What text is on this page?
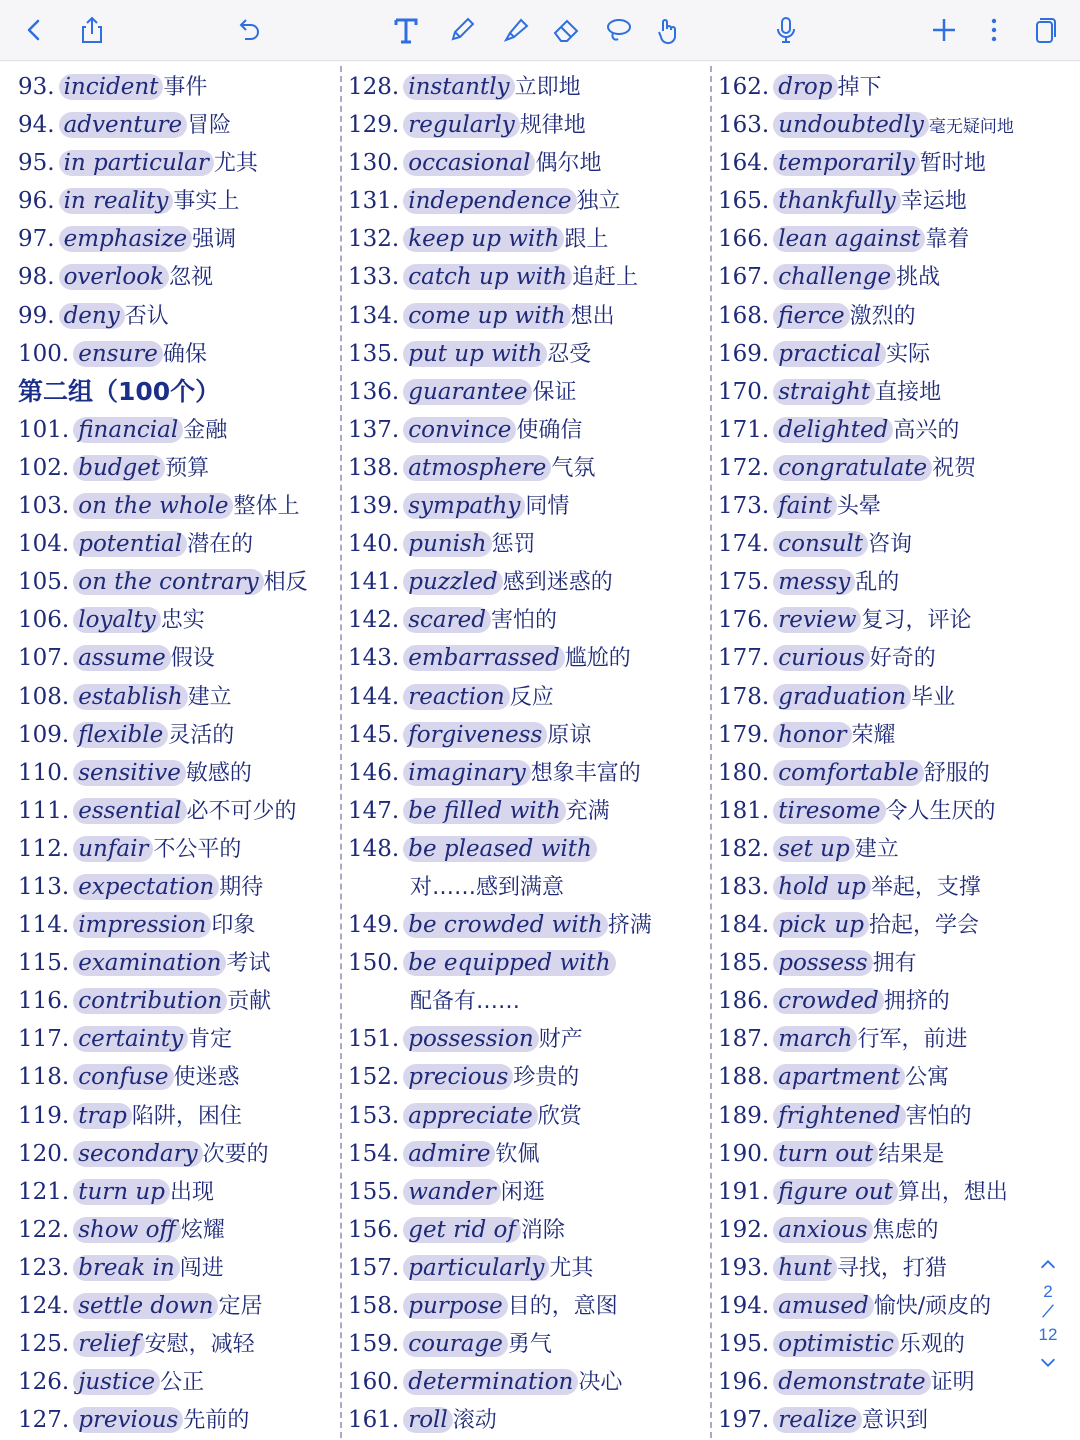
93. incident 事件
94. adventure 冒险
95. in particular 尤其
96. in reality 事实上
97. emphasize 强调
98. overlook 忽视
99. deny 否认
100. ensure 确保
第二组（100个）
101. financial 金融
102. budget 预算
103. on the whole 整体上
104. potential 潜在的
105. on the contrary 相反
106. loyalty 忠实
107. assume 假设
108. establish 建立
109. flexible 灵活的
110. sensitive 敏感的
111. essential 必不可少的
112. unfair 不公平的
113. expectation 期待
114. impression 印象
115. examination 考试
116. contribution 贡献
117. certainty 肯定
118. confuse 使迷惑
119. trap 陷阱，困住
120. secondary 次要的
121. turn up 出现
122. show off 炫耀
123. break in 闯进
124. settle down 定居
125. relief 安慰，减轻
126. justice 公正
127. previous 先前的
128. instantly 立即地
129. regularly 规律地
130. occasional 偶尔地
131. independence 独立
132. keep up with 跟上
133. catch up with 追赶上
134. come up with 想出
135. put up with 忍受
136. guarantee 保证
137. convince 使确信
138. atmosphere 气氛
139. sympathy 同情
140. punish 惩罚
141. puzzled 感到迷惑的
142. scared 害怕的
143. embarrassed 尴尬的
144. reaction 反应
145. forgiveness 原谅
146. imaginary 想象丰富的
147. be filled with 充满
148. be pleased with
对……感到满意
149. be crowded with 挤满
150. be equipped with
配备有……
151. possession 财产
152. precious 珍贵的
153. appreciate 欣赏
154. admire 钦佩
155. wander 闲逛
156. get rid of 消除
157. particularly 尤其
158. purpose 目的，意图
159. courage 勇气
160. determination 决心
161. roll 滚动
162. drop 掉下
163. undoubtedly 毫无疑问地
164. temporarily 暂时地
165. thankfully 幸运地
166. lean against 靠着
167. challenge 挑战
168. fierce 激烈的
169. practical 实际
170. straight 直接地
171. delighted 高兴的
172. congratulate 祝贺
173. faint 头晕
174. consult 咨询
175. messy 乱的
176. review 复习，评论
177. curious 好奇的
178. graduation 毕业
179. honor 荣耀
180. comfortable 舒服的
181. tiresome 令人生厌的
182. set up 建立
183. hold up 举起，支撑
184. pick up 拾起，学会
185. possess 拥有
186. crowded 拥挤的
187. march 行军，前进
188. apartment 公寓
189. frightened 害怕的
190. turn out 结果是
191. figure out 算出，想出
192. anxious 焦虑的
193. hunt 寻找，打猎
194. amused 愉快/顽皮的
195. optimistic 乐观的
196. demonstrate 证明
197. realize 意识到
2
12
